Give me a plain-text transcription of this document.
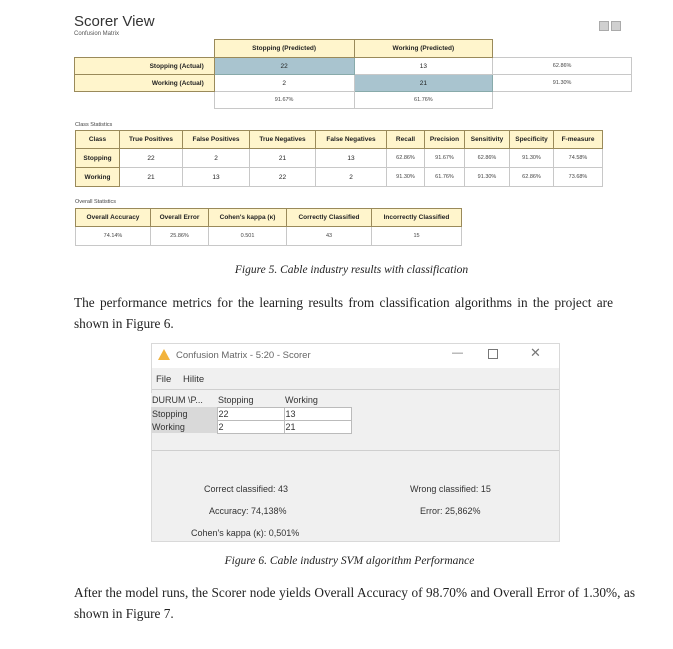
Scorer View
Confusion Matrix
	Stopping (Predicted)	Working (Predicted)	
Stopping (Actual)	22	13	62.86%
Working (Actual)	2	21	91.30%
	91.67%	61.76%	
Class Statistics
Class	True Positives	False Positives	True Negatives	False Negatives	Recall	Precision	Sensitivity	Specificity	F-measure
Stopping	22	2	21	13	62.86%	91.67%	62.86%	91.30%	74.58%
Working	21	13	22	2	91.30%	61.76%	91.30%	62.86%	73.68%
Overall Statistics
Overall Accuracy	Overall Error	Cohen's kappa (κ)	Correctly Classified	Incorrectly Classified
74.14%	25.86%	0.501	43	15
Figure 5. Cable industry results with classification
The performance metrics for the learning results from classification algorithms in the project are shown in Figure 6.
Confusion Matrix - 5:20 - Scorer	—	✕
File Hilite
Correct classified: 43	Wrong classified: 15
Accuracy: 74,138%	Error: 25,862%
Cohen's kappa (κ): 0,501%
DURUM \P...	Stopping	Working
Stopping	22	13
Working	2	21
Figure 6. Cable industry SVM algorithm Performance
After the model runs, the Scorer node yields Overall Accuracy of 98.70% and Overall Error of 1.30%, as shown in Figure 7.
